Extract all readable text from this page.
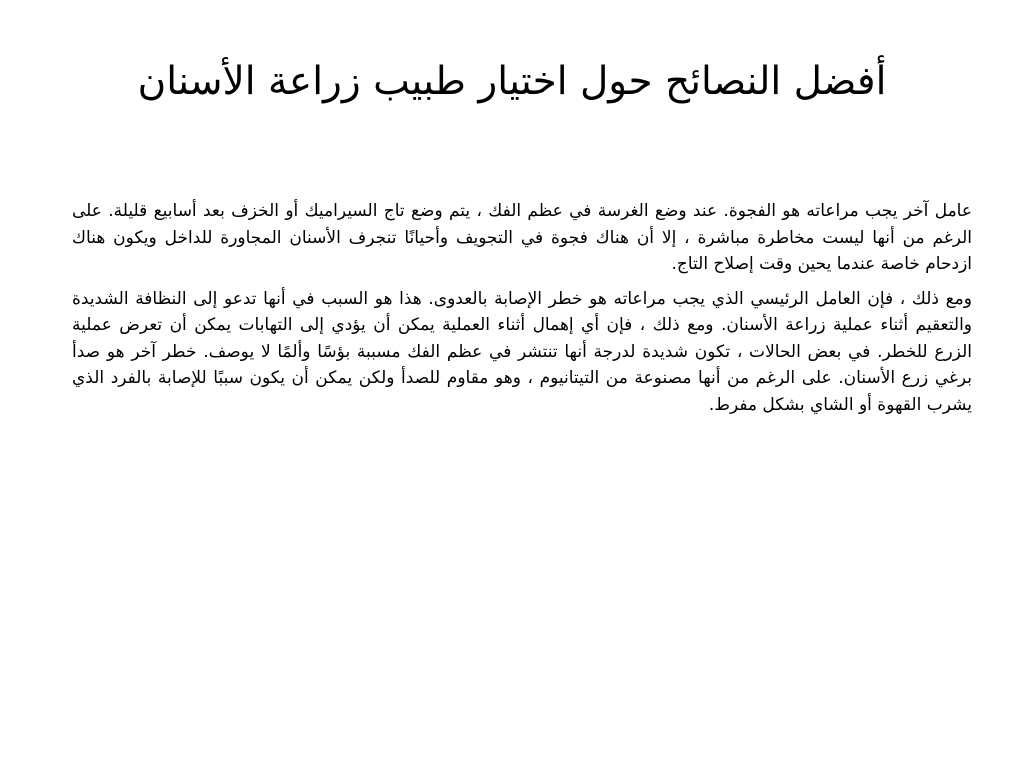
أفضل النصائح حول اختيار طبيب زراعة الأسنان

عامل آخر يجب مراعاته هو الفجوة. عند وضع الغرسة في عظم الفك ، يتم وضع تاج السيراميك أو الخزف بعد أسابيع قليلة. على الرغم من أنها ليست مخاطرة مباشرة ، إلا أن هناك فجوة في التجويف وأحيانًا تنجرف الأسنان المجاورة للداخل ويكون هناك ازدحام خاصة عندما يحين وقت إصلاح التاج.

ومع ذلك ، فإن العامل الرئيسي الذي يجب مراعاته هو خطر الإصابة بالعدوى. هذا هو السبب في أنها تدعو إلى النظافة الشديدة والتعقيم أثناء عملية زراعة الأسنان. ومع ذلك ، فإن أي إهمال أثناء العملية يمكن أن يؤدي إلى التهابات يمكن أن تعرض عملية الزرع للخطر. في بعض الحالات ، تكون شديدة لدرجة أنها تنتشر في عظم الفك مسببة بؤسًا وألمًا لا يوصف. خطر آخر هو صدأ برغي زرع الأسنان. على الرغم من أنها مصنوعة من التيتانيوم ، وهو مقاوم للصدأ ولكن يمكن أن يكون سببًا للإصابة بالفرد الذي يشرب القهوة أو الشاي بشكل مفرط.
